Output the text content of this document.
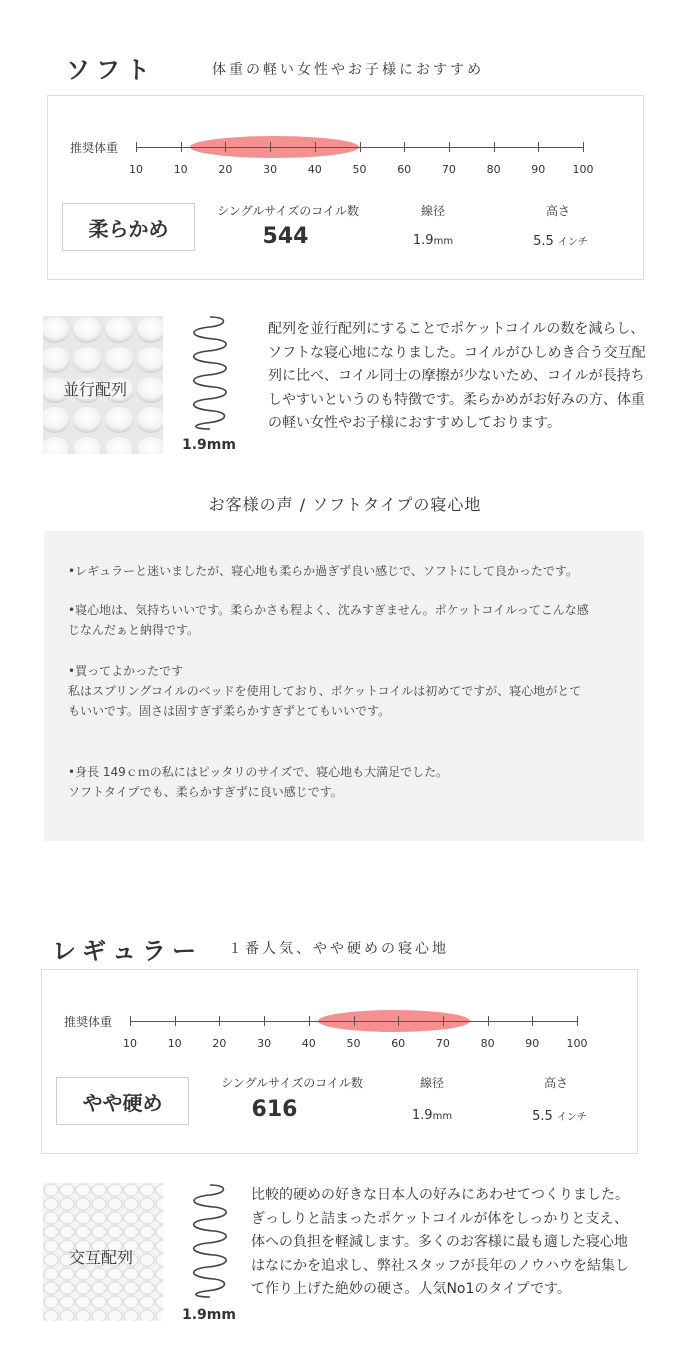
ソフト	体重の軽い女性やお子様におすすめ
推奨体重
10	10	20	30	40	50	60	70	80	90 100
柔らかめ
シングルサイズのコイル数
544
線径
1.9mm
高さ
5.5 インチ
並行配列
1.9mm
配列を並行配列にすることでポケットコイルの数を減らし、ソフトな寝心地になりました。コイルがひしめき合う交互配列に比べ、コイル同士の摩擦が少ないため、コイルが長持ちしやすいというのも特徴です。柔らかめがお好みの方、体重の軽い女性やお子様におすすめしております。
お客様の声 / ソフトタイプの寝心地
•レギュラーと迷いましたが、寝心地も柔らか過ぎず良い感じで、ソフトにして良かったです。
•寝心地は、気持ちいいです。柔らかさも程よく、沈みすぎません。ポケットコイルってこんな感
じなんだぁと納得です。
•買ってよかったです
私はスプリングコイルのベッドを使用しており、ポケットコイルは初めてですが、寝心地がとて
もいいです。固さは固すぎず柔らかすぎずとてもいいです。
•身長 149ｃｍの私にはピッタリのサイズで、寝心地も大満足でした。
ソフトタイプでも、柔らかすぎずに良い感じです。
レギュラー １番人気、やや硬めの寝心地
推奨体重
10	10	20	30	40	50	60	70	80	90 100
やや硬め
シングルサイズのコイル数
616
線径
1.9mm
高さ
5.5 インチ
交互配列
1.9mm
比較的硬めの好きな日本人の好みにあわせてつくりました。ぎっしりと詰まったポケットコイルが体をしっかりと支え、体への負担を軽減します。多くのお客様に最も適した寝心地はなにかを追求し、弊社スタッフが長年のノウハウを結集して作り上げた絶妙の硬さ。人気No1のタイプです。
